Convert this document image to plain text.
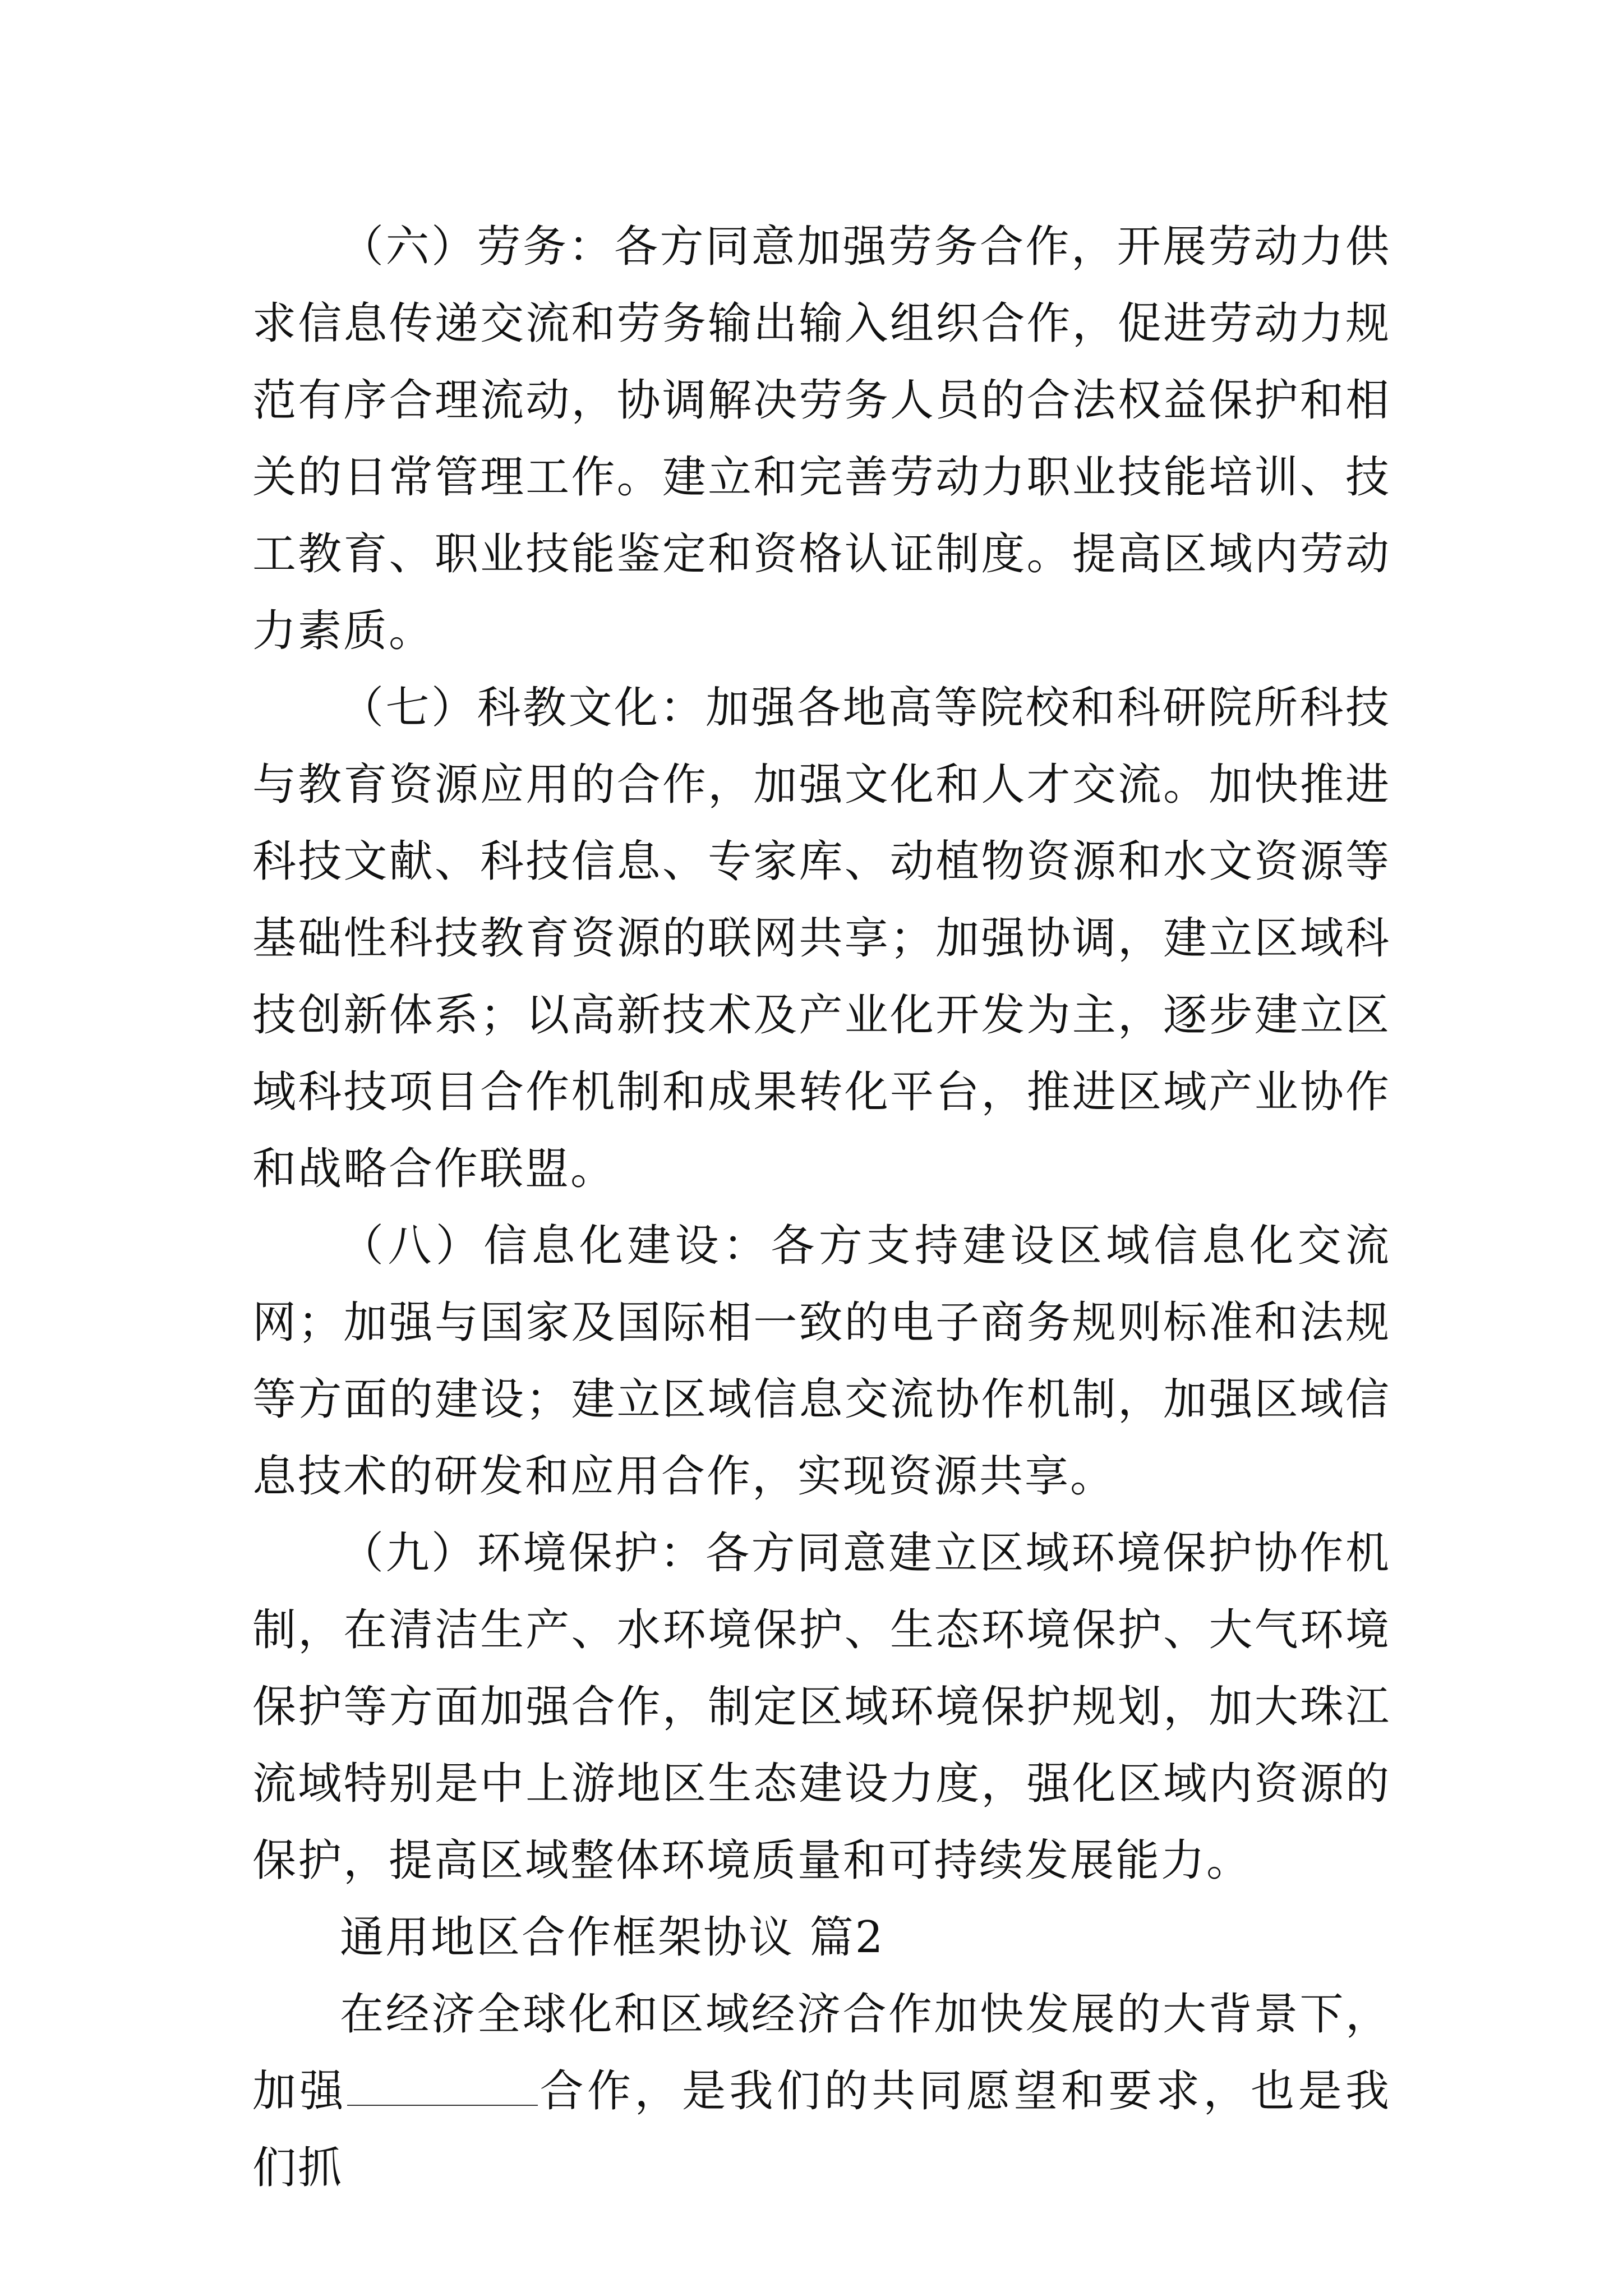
（六）劳务：各方同意加强劳务合作，开展劳动力供求信息传递交流和劳务输出输入组织合作，促进劳动力规范有序合理流动，协调解决劳务人员的合法权益保护和相关的日常管理工作。建立和完善劳动力职业技能培训、技工教育、职业技能鉴定和资格认证制度。提高区域内劳动力素质。

（七）科教文化：加强各地高等院校和科研院所科技与教育资源应用的合作，加强文化和人才交流。加快推进科技文献、科技信息、专家库、动植物资源和水文资源等基础性科技教育资源的联网共享；加强协调，建立区域科技创新体系；以高新技术及产业化开发为主，逐步建立区域科技项目合作机制和成果转化平台，推进区域产业协作和战略合作联盟。

（八）信息化建设：各方支持建设区域信息化交流网；加强与国家及国际相一致的电子商务规则标准和法规等方面的建设；建立区域信息交流协作机制，加强区域信息技术的研发和应用合作，实现资源共享。

（九）环境保护：各方同意建立区域环境保护协作机制，在清洁生产、水环境保护、生态环境保护、大气环境保护等方面加强合作，制定区域环境保护规划，加大珠江流域特别是中上游地区生态建设力度，强化区域内资源的保护，提高区域整体环境质量和可持续发展能力。

通用地区合作框架协议 篇2

在经济全球化和区域经济合作加快发展的大背景下，加强	合作，是我们的共同愿望和要求，也是我们抓
